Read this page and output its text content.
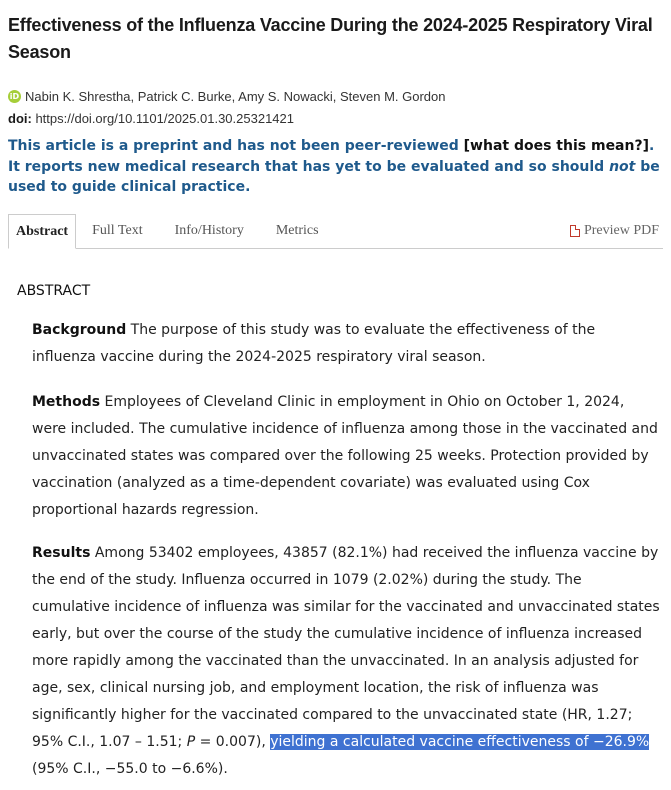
Effectiveness of the Influenza Vaccine During the 2024-2025 Respiratory Viral Season
iD Nabin K. Shrestha, Patrick C. Burke, Amy S. Nowacki, Steven M. Gordon
doi: https://doi.org/10.1101/2025.01.30.25321421
This article is a preprint and has not been peer-reviewed [what does this mean?]. It reports new medical research that has yet to be evaluated and so should not be used to guide clinical practice.
Abstract	Full Text	Info/History	Metrics	Preview PDF
ABSTRACT
Background The purpose of this study was to evaluate the effectiveness of the influenza vaccine during the 2024-2025 respiratory viral season.
Methods Employees of Cleveland Clinic in employment in Ohio on October 1, 2024, were included. The cumulative incidence of influenza among those in the vaccinated and unvaccinated states was compared over the following 25 weeks. Protection provided by vaccination (analyzed as a time-dependent covariate) was evaluated using Cox proportional hazards regression.
Results Among 53402 employees, 43857 (82.1%) had received the influenza vaccine by the end of the study. Influenza occurred in 1079 (2.02%) during the study. The cumulative incidence of influenza was similar for the vaccinated and unvaccinated states early, but over the course of the study the cumulative incidence of influenza increased more rapidly among the vaccinated than the unvaccinated. In an analysis adjusted for age, sex, clinical nursing job, and employment location, the risk of influenza was significantly higher for the vaccinated compared to the unvaccinated state (HR, 1.27; 95% C.I., 1.07 – 1.51; P = 0.007), yielding a calculated vaccine effectiveness of −26.9% (95% C.I., −55.0 to −6.6%).
